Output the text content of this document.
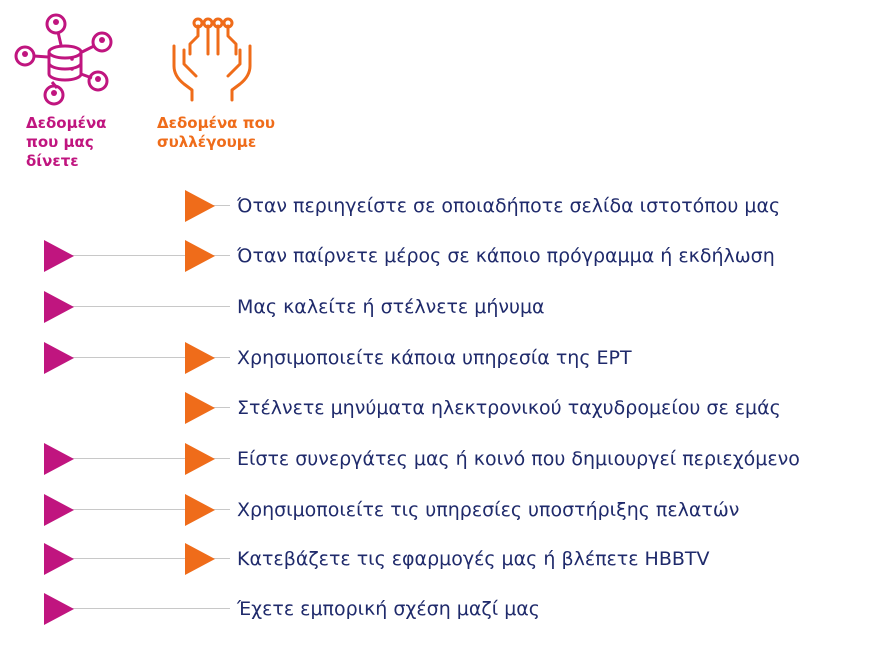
Δεδομένα
που μας
δίνετε
Δεδομένα που
συλλέγουμε
Όταν περιηγείστε σε οποιαδήποτε σελίδα ιστοτόπου μας
Όταν παίρνετε μέρος σε κάποιο πρόγραμμα ή εκδήλωση
Μας καλείτε ή στέλνετε μήνυμα
Χρησιμοποιείτε κάποια υπηρεσία της ΕΡΤ
Στέλνετε μηνύματα ηλεκτρονικού ταχυδρομείου σε εμάς
Είστε συνεργάτες μας ή κοινό που δημιουργεί περιεχόμενο
Χρησιμοποιείτε τις υπηρεσίες υποστήριξης πελατών
Κατεβάζετε τις εφαρμογές μας ή βλέπετε HBBTV
Έχετε εμπορική σχέση μαζί μας
